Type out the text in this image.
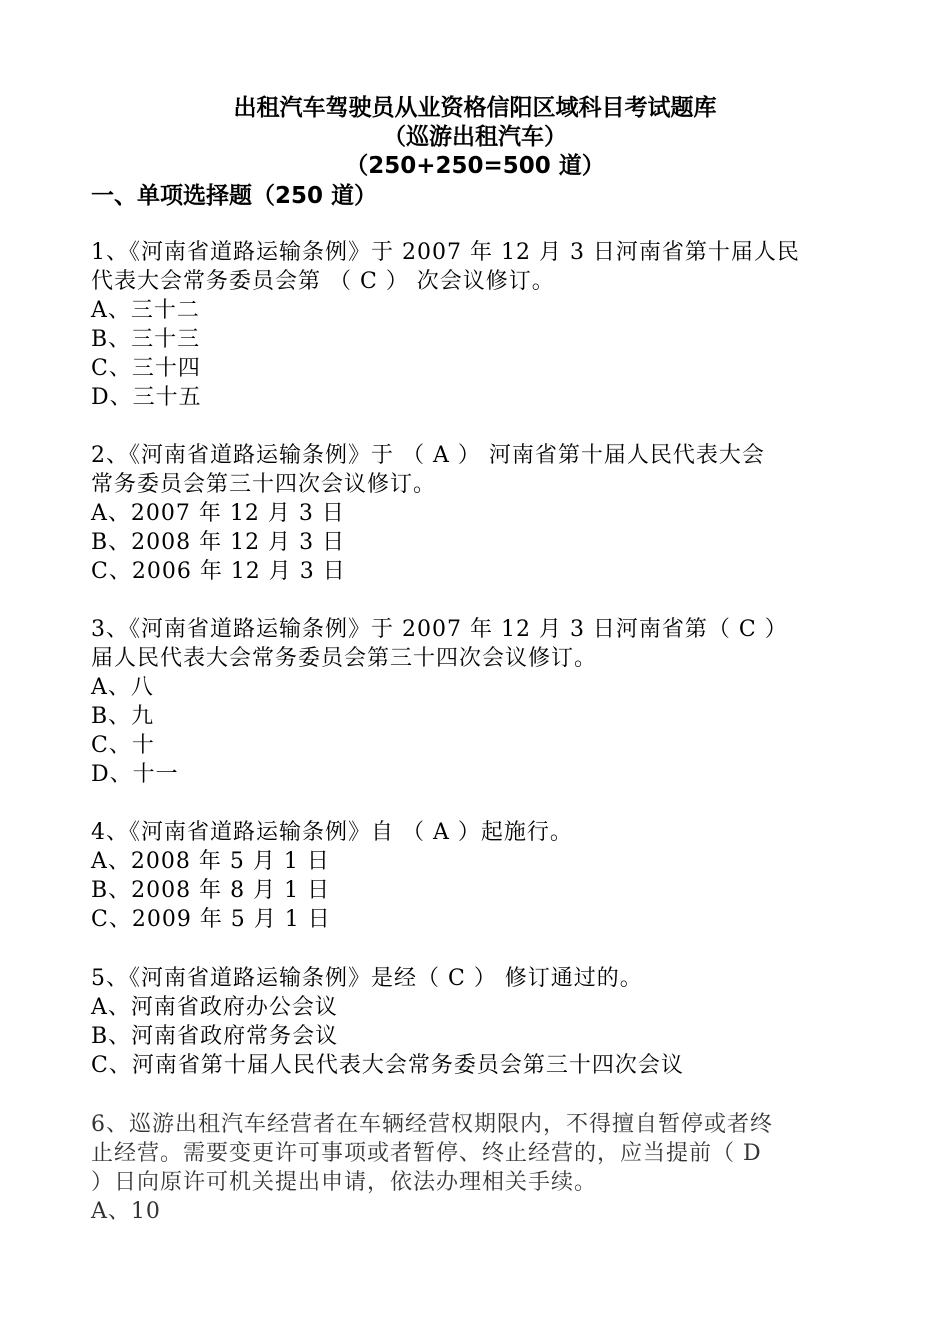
出租汽车驾驶员从业资格信阳区域科目考试题库
（巡游出租汽车）
（250+250=500 道）
一、单项选择题（250 道）
1、《河南省道路运输条例》于 2007 年 12 月 3 日河南省第十届人民
代表大会常务委员会第 （ C ） 次会议修订。
A、三十二
B、三十三
C、三十四
D、三十五
2、《河南省道路运输条例》于 （ A ） 河南省第十届人民代表大会
常务委员会第三十四次会议修订。
A、2007 年 12 月 3 日
B、2008 年 12 月 3 日
C、2006 年 12 月 3 日
3、《河南省道路运输条例》于 2007 年 12 月 3 日河南省第（ C ）
届人民代表大会常务委员会第三十四次会议修订。
A、八
B、九
C、十
D、十一
4、《河南省道路运输条例》自 （ A ）起施行。
A、2008 年 5 月 1 日
B、2008 年 8 月 1 日
C、2009 年 5 月 1 日
5、《河南省道路运输条例》是经（ C ） 修订通过的。
A、河南省政府办公会议
B、河南省政府常务会议
C、河南省第十届人民代表大会常务委员会第三十四次会议
6、巡游出租汽车经营者在车辆经营权期限内，不得擅自暂停或者终
止经营。需要变更许可事项或者暂停、终止经营的，应当提前（ D
）日向原许可机关提出申请，依法办理相关手续。
A、10
